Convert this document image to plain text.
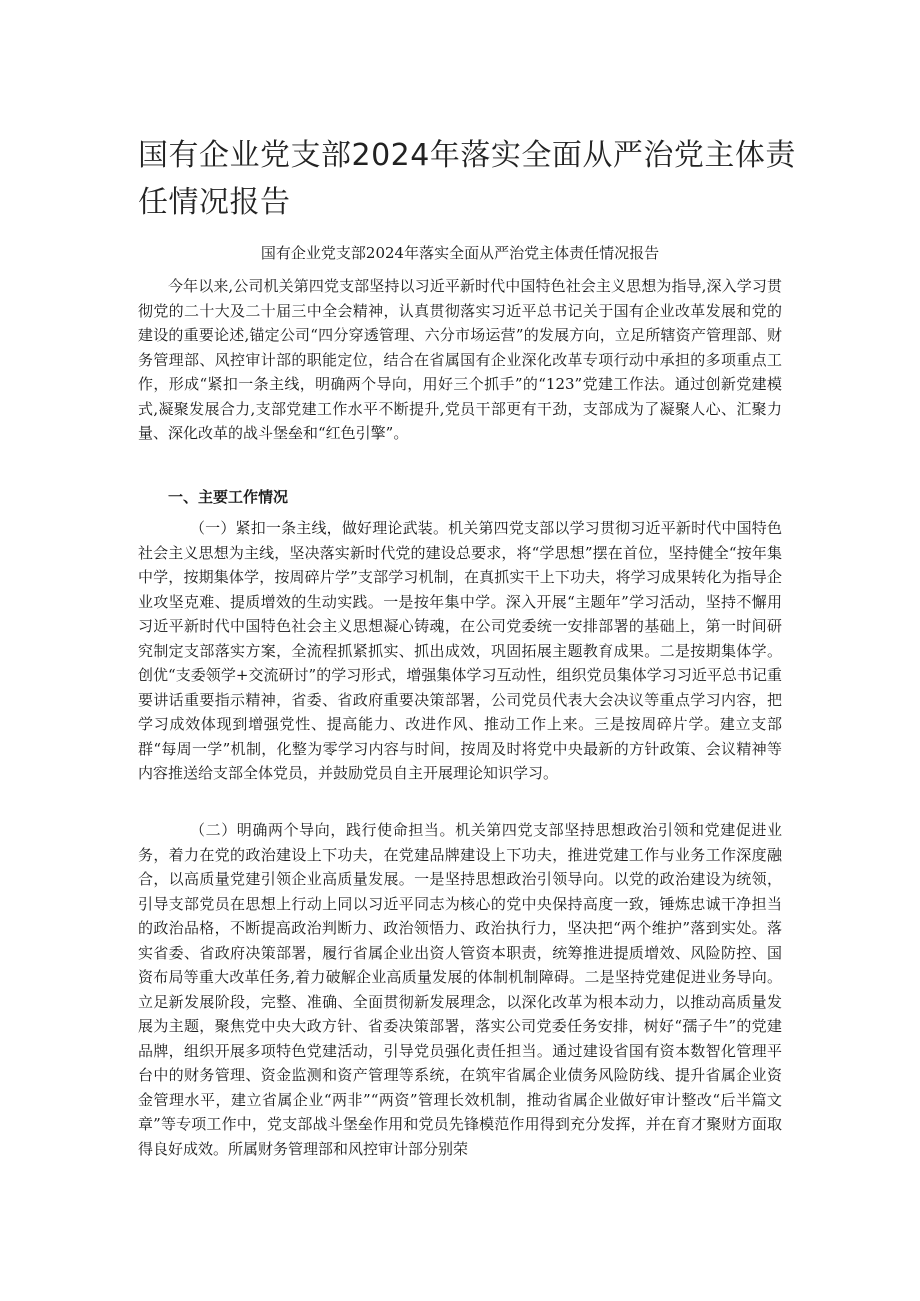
国有企业党支部2024年落实全面从严治党主体责任情况报告

国有企业党支部2024年落实全面从严治党主体责任情况报告

今年以来,公司机关第四党支部坚持以习近平新时代中国特色社会主义思想为指导,深入学习贯彻党的二十大及二十届三中全会精神，认真贯彻落实习近平总书记关于国有企业改革发展和党的建设的重要论述,锚定公司“四分穿透管理、六分市场运营”的发展方向，立足所辖资产管理部、财务管理部、风控审计部的职能定位，结合在省属国有企业深化改革专项行动中承担的多项重点工作，形成“紧扣一条主线，明确两个导向，用好三个抓手”的“123”党建工作法。通过创新党建模式,凝聚发展合力,支部党建工作水平不断提升,党员干部更有干劲，支部成为了凝聚人心、汇聚力量、深化改革的战斗堡垒和“红色引擎”。

一、主要工作情况

（一）紧扣一条主线，做好理论武装。机关第四党支部以学习贯彻习近平新时代中国特色社会主义思想为主线，坚决落实新时代党的建设总要求，将“学思想”摆在首位，坚持健全“按年集中学，按期集体学，按周碎片学”支部学习机制，在真抓实干上下功夫，将学习成果转化为指导企业攻坚克难、提质增效的生动实践。一是按年集中学。深入开展“主题年”学习活动，坚持不懈用习近平新时代中国特色社会主义思想凝心铸魂，在公司党委统一安排部署的基础上，第一时间研究制定支部落实方案，全流程抓紧抓实、抓出成效，巩固拓展主题教育成果。二是按期集体学。创优“支委领学+交流研讨”的学习形式，增强集体学习互动性，组织党员集体学习习近平总书记重要讲话重要指示精神，省委、省政府重要决策部署，公司党员代表大会决议等重点学习内容，把学习成效体现到增强党性、提高能力、改进作风、推动工作上来。三是按周碎片学。建立支部群“每周一学”机制，化整为零学习内容与时间，按周及时将党中央最新的方针政策、会议精神等内容推送给支部全体党员，并鼓励党员自主开展理论知识学习。

（二）明确两个导向，践行使命担当。机关第四党支部坚持思想政治引领和党建促进业务，着力在党的政治建设上下功夫，在党建品牌建设上下功夫，推进党建工作与业务工作深度融合，以高质量党建引领企业高质量发展。一是坚持思想政治引领导向。以党的政治建设为统领，引导支部党员在思想上行动上同以习近平同志为核心的党中央保持高度一致，锤炼忠诚干净担当的政治品格，不断提高政治判断力、政治领悟力、政治执行力，坚决把“两个维护”落到实处。落实省委、省政府决策部署，履行省属企业出资人管资本职责，统筹推进提质增效、风险防控、国资布局等重大改革任务,着力破解企业高质量发展的体制机制障碍。二是坚持党建促进业务导向。立足新发展阶段，完整、准确、全面贯彻新发展理念，以深化改革为根本动力，以推动高质量发展为主题，聚焦党中央大政方针、省委决策部署，落实公司党委任务安排，树好“孺子牛”的党建品牌，组织开展多项特色党建活动，引导党员强化责任担当。通过建设省国有资本数智化管理平台中的财务管理、资金监测和资产管理等系统，在筑牢省属企业债务风险防线、提升省属企业资金管理水平，建立省属企业“两非”“两资”管理长效机制，推动省属企业做好审计整改“后半篇文章”等专项工作中，党支部战斗堡垒作用和党员先锋模范作用得到充分发挥，并在育才聚财方面取得良好成效。所属财务管理部和风控审计部分别荣
